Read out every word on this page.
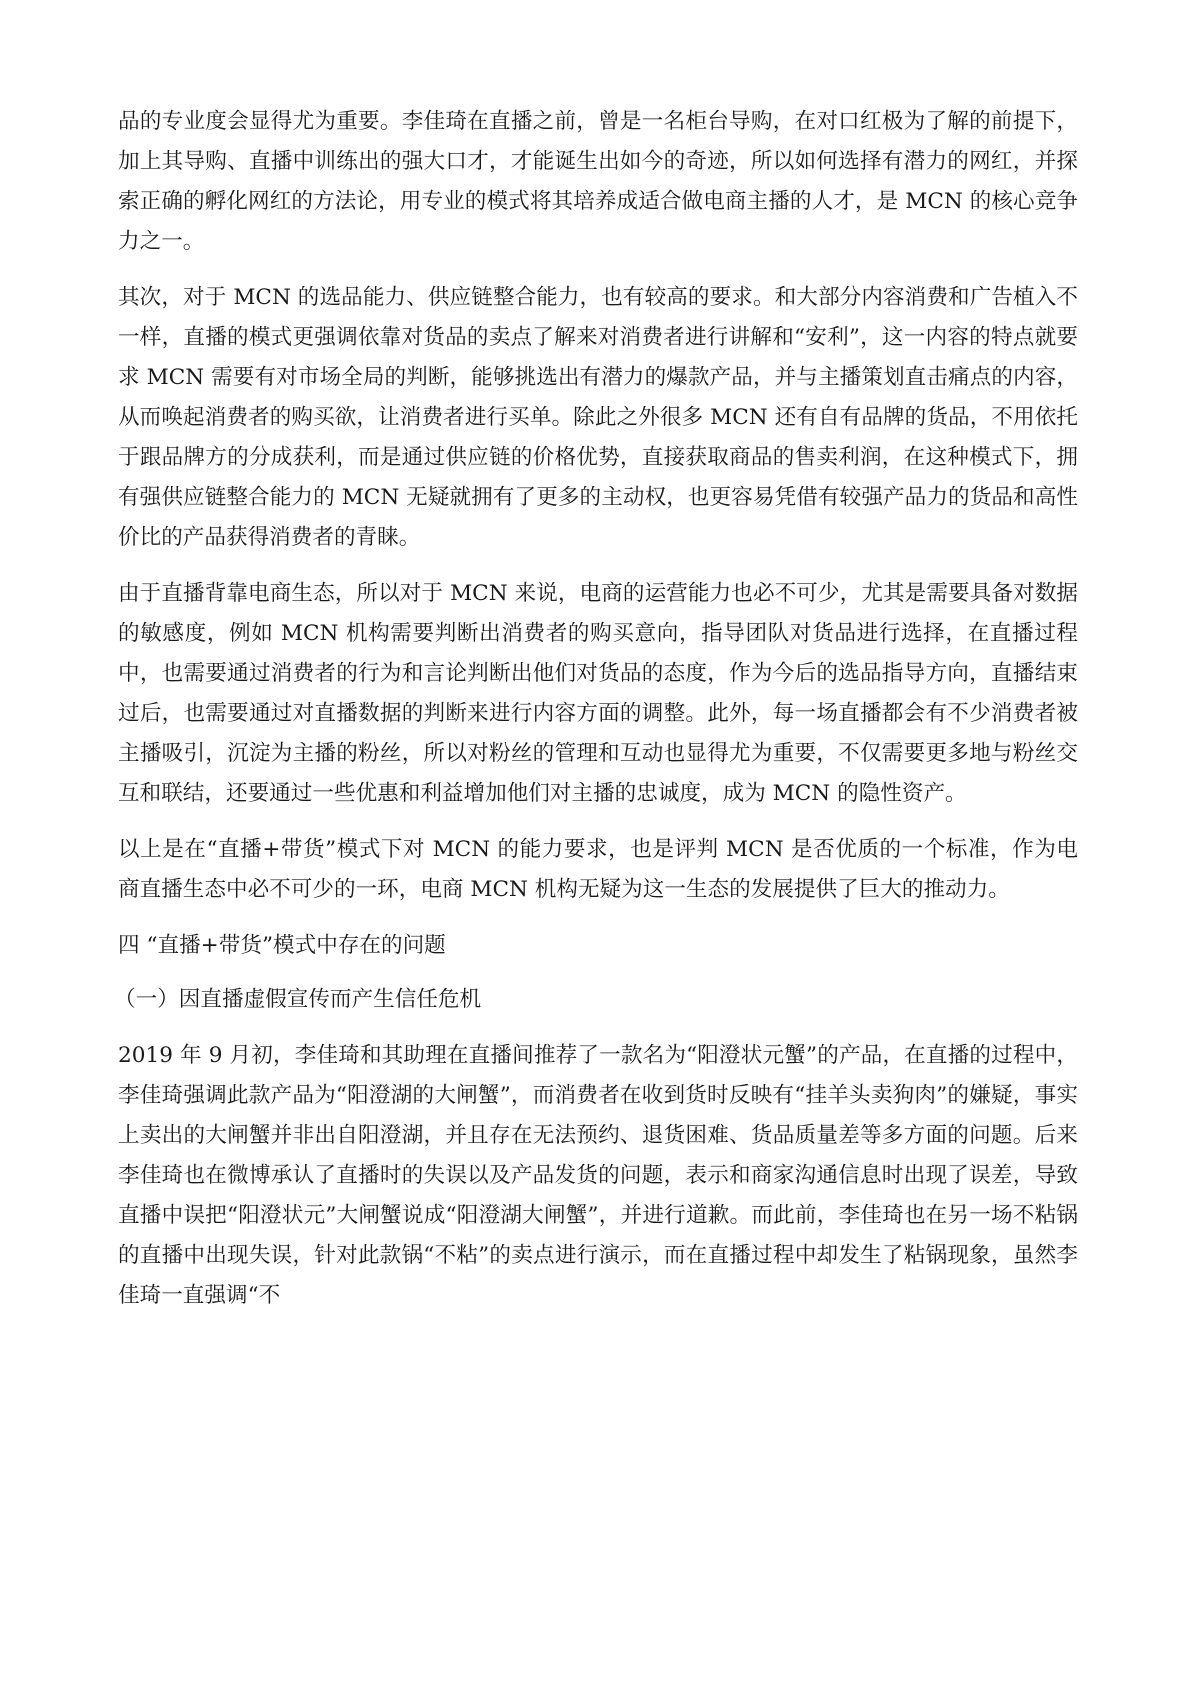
品的专业度会显得尤为重要。李佳琦在直播之前，曾是一名柜台导购，在对口红极为了解的前提下，加上其导购、直播中训练出的强大口才，才能诞生出如今的奇迹，所以如何选择有潜力的网红，并探索正确的孵化网红的方法论，用专业的模式将其培养成适合做电商主播的人才，是 MCN 的核心竞争力之一。

其次，对于 MCN 的选品能力、供应链整合能力，也有较高的要求。和大部分内容消费和广告植入不一样，直播的模式更强调依靠对货品的卖点了解来对消费者进行讲解和“安利”，这一内容的特点就要求 MCN 需要有对市场全局的判断，能够挑选出有潜力的爆款产品，并与主播策划直击痛点的内容，从而唤起消费者的购买欲，让消费者进行买单。除此之外很多 MCN 还有自有品牌的货品，不用依托于跟品牌方的分成获利，而是通过供应链的价格优势，直接获取商品的售卖利润，在这种模式下，拥有强供应链整合能力的 MCN 无疑就拥有了更多的主动权，也更容易凭借有较强产品力的货品和高性价比的产品获得消费者的青睐。

由于直播背靠电商生态，所以对于 MCN 来说，电商的运营能力也必不可少，尤其是需要具备对数据的敏感度，例如 MCN 机构需要判断出消费者的购买意向，指导团队对货品进行选择，在直播过程中，也需要通过消费者的行为和言论判断出他们对货品的态度，作为今后的选品指导方向，直播结束过后，也需要通过对直播数据的判断来进行内容方面的调整。此外，每一场直播都会有不少消费者被主播吸引，沉淀为主播的粉丝，所以对粉丝的管理和互动也显得尤为重要，不仅需要更多地与粉丝交互和联结，还要通过一些优惠和利益增加他们对主播的忠诚度，成为 MCN 的隐性资产。

以上是在“直播+带货”模式下对 MCN 的能力要求，也是评判 MCN 是否优质的一个标准，作为电商直播生态中必不可少的一环，电商 MCN 机构无疑为这一生态的发展提供了巨大的推动力。

四 “直播+带货”模式中存在的问题
（一）因直播虚假宣传而产生信任危机

2019 年 9 月初，李佳琦和其助理在直播间推荐了一款名为“阳澄状元蟹”的产品，在直播的过程中，李佳琦强调此款产品为“阳澄湖的大闸蟹”，而消费者在收到货时反映有“挂羊头卖狗肉”的嫌疑，事实上卖出的大闸蟹并非出自阳澄湖，并且存在无法预约、退货困难、货品质量差等多方面的问题。后来李佳琦也在微博承认了直播时的失误以及产品发货的问题，表示和商家沟通信息时出现了误差，导致直播中误把“阳澄状元”大闸蟹说成“阳澄湖大闸蟹”，并进行道歉。而此前，李佳琦也在另一场不粘锅的直播中出现失误，针对此款锅“不粘”的卖点进行演示，而在直播过程中却发生了粘锅现象，虽然李佳琦一直强调“不
